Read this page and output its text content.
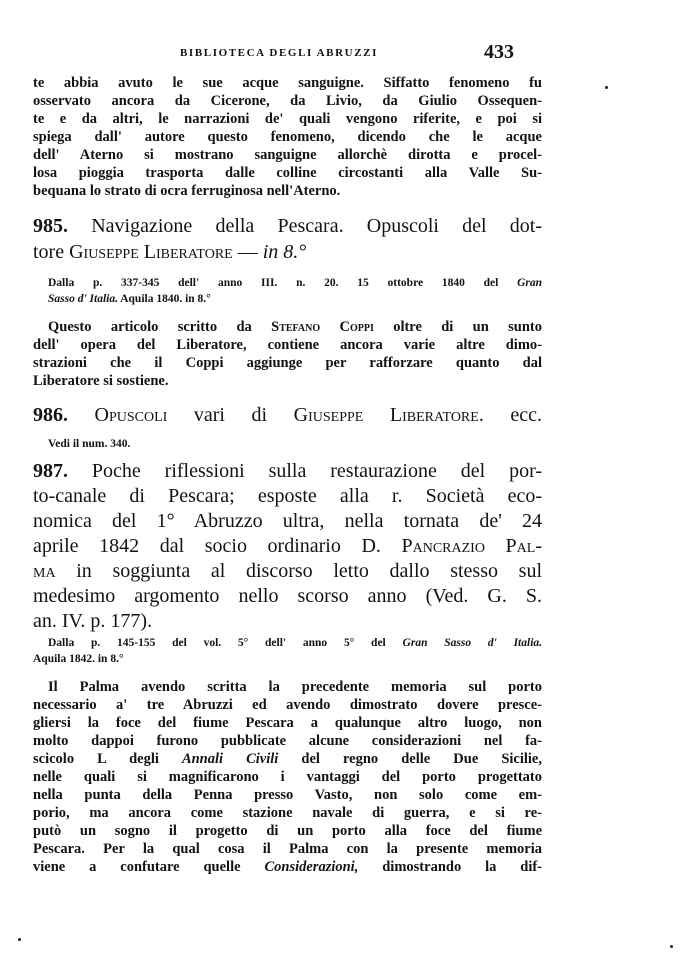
BIBLIOTECA DEGLI ABRUZZI	433
te abbia avuto le sue acque sanguigne. Siffatto fenomeno fu
osservato ancora da Cicerone, da Livio, da Giulio Ossequen-
te e da altri, le narrazioni de' quali vengono riferite, e poi si
spiega dall' autore questo fenomeno, dicendo che le acque
dell' Aterno si mostrano sanguigne allorchè dirotta e procel-
losa pioggia trasporta dalle colline circostanti alla Valle Su-
bequana lo strato di ocra ferruginosa nell'Aterno.
985. Navigazione della Pescara. Opuscoli del dot-
tore Giuseppe Liberatore — in 8.°
Dalla p. 337-345 dell' anno III. n. 20. 15 ottobre 1840 del Gran
Sasso d' Italia. Aquila 1840. in 8.°
Questo articolo scritto da Stefano Coppi oltre di un sunto
dell' opera del Liberatore, contiene ancora varie altre dimo-
strazioni che il Coppi aggiunge per rafforzare quanto dal
Liberatore si sostiene.
986. Opuscoli vari di Giuseppe Liberatore. ecc.
Vedi il num. 340.
987. Poche riflessioni sulla restaurazione del por-
to-canale di Pescara; esposte alla r. Società eco-
nomica del 1° Abruzzo ultra, nella tornata de' 24
aprile 1842 dal socio ordinario D. Pancrazio Pal-
ma in soggiunta al discorso letto dallo stesso sul
medesimo argomento nello scorso anno (Ved. G. S.
an. IV. p. 177).
Dalla p. 145-155 del vol. 5° dell' anno 5° del Gran Sasso d' Italia.
Aquila 1842. in 8.°
Il Palma avendo scritta la precedente memoria sul porto
necessario a' tre Abruzzi ed avendo dimostrato dovere presce-
gliersi la foce del fiume Pescara a qualunque altro luogo, non
molto dappoi furono pubblicate alcune considerazioni nel fa-
scicolo L degli Annali Civili del regno delle Due Sicilie,
nelle quali si magnificarono i vantaggi del porto progettato
nella punta della Penna presso Vasto, non solo come em-
porio, ma ancora come stazione navale di guerra, e si re-
putò un sogno il progetto di un porto alla foce del fiume
Pescara. Per la qual cosa il Palma con la presente memoria
viene a confutare quelle Considerazioni, dimostrando la dif-
